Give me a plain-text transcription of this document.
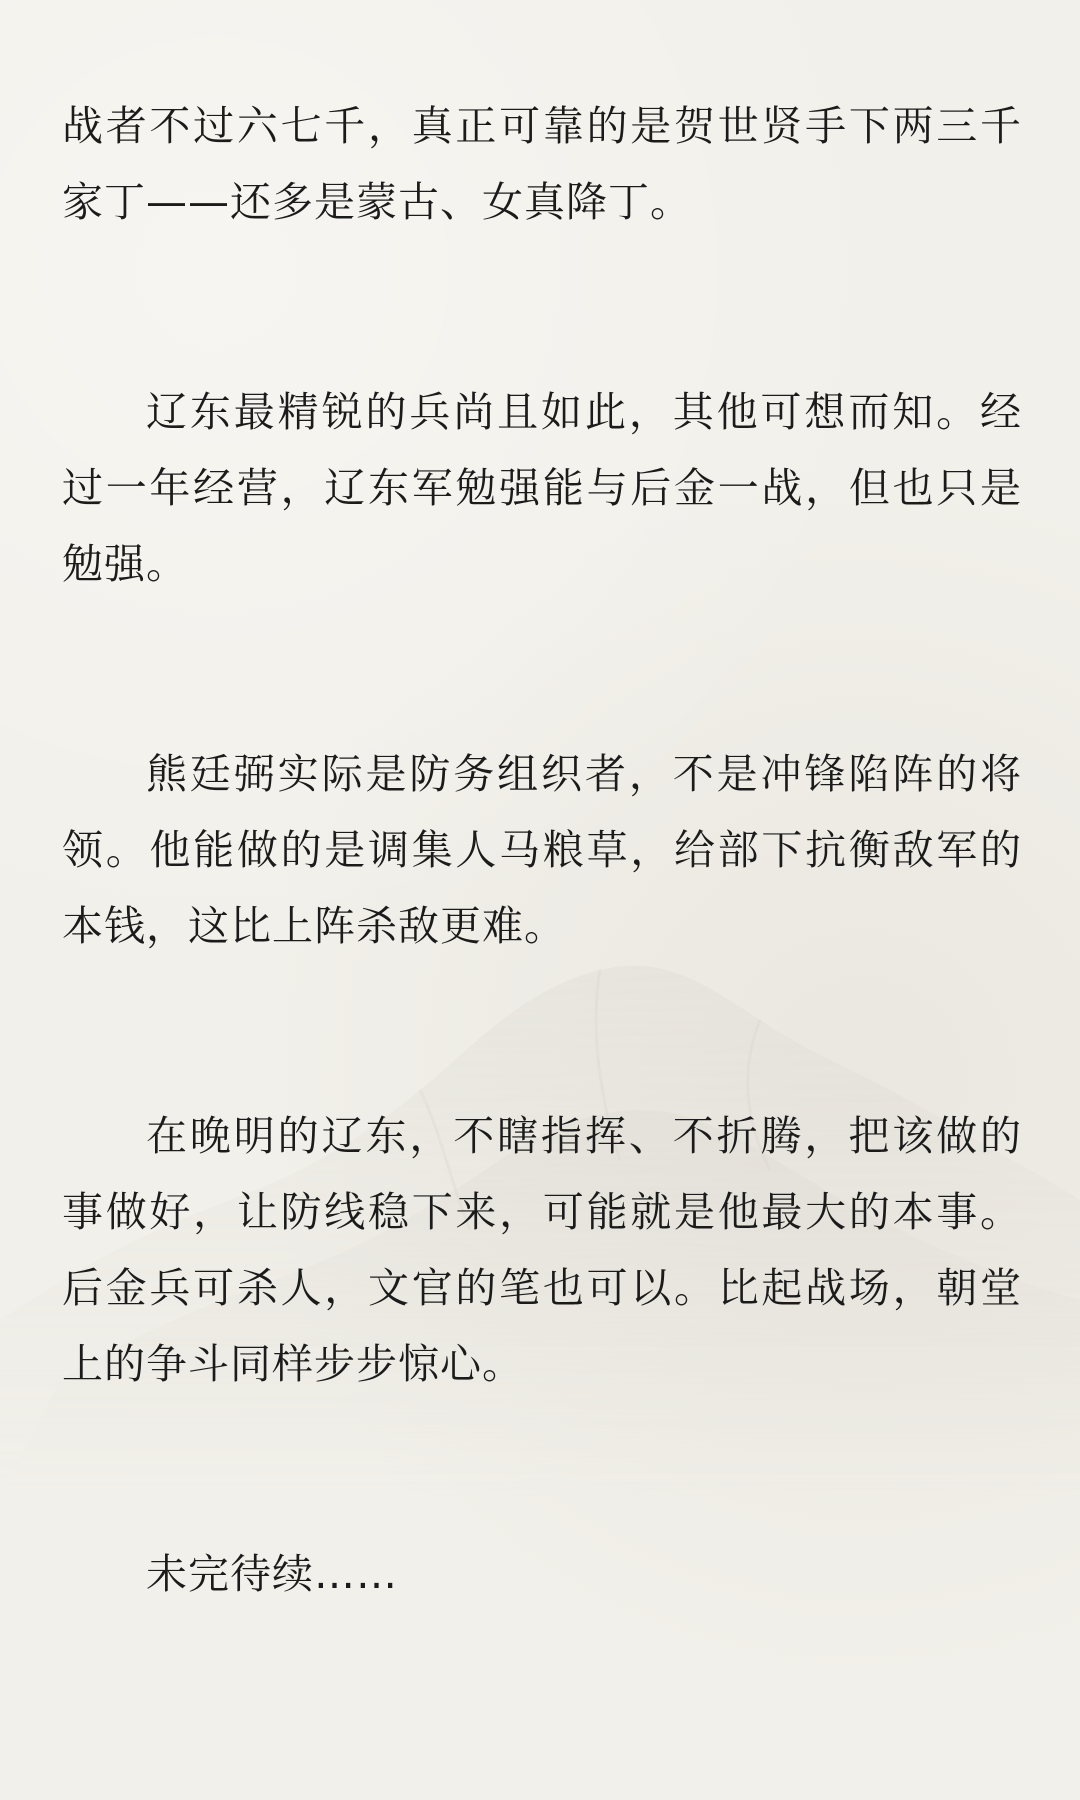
战者不过六七千，真正可靠的是贺世贤手下两三千家丁——还多是蒙古、女真降丁。

辽东最精锐的兵尚且如此，其他可想而知。经过一年经营，辽东军勉强能与后金一战，但也只是勉强。

熊廷弼实际是防务组织者，不是冲锋陷阵的将领。他能做的是调集人马粮草，给部下抗衡敌军的本钱，这比上阵杀敌更难。

在晚明的辽东，不瞎指挥、不折腾，把该做的事做好，让防线稳下来，可能就是他最大的本事。后金兵可杀人，文官的笔也可以。比起战场，朝堂上的争斗同样步步惊心。

未完待续……
